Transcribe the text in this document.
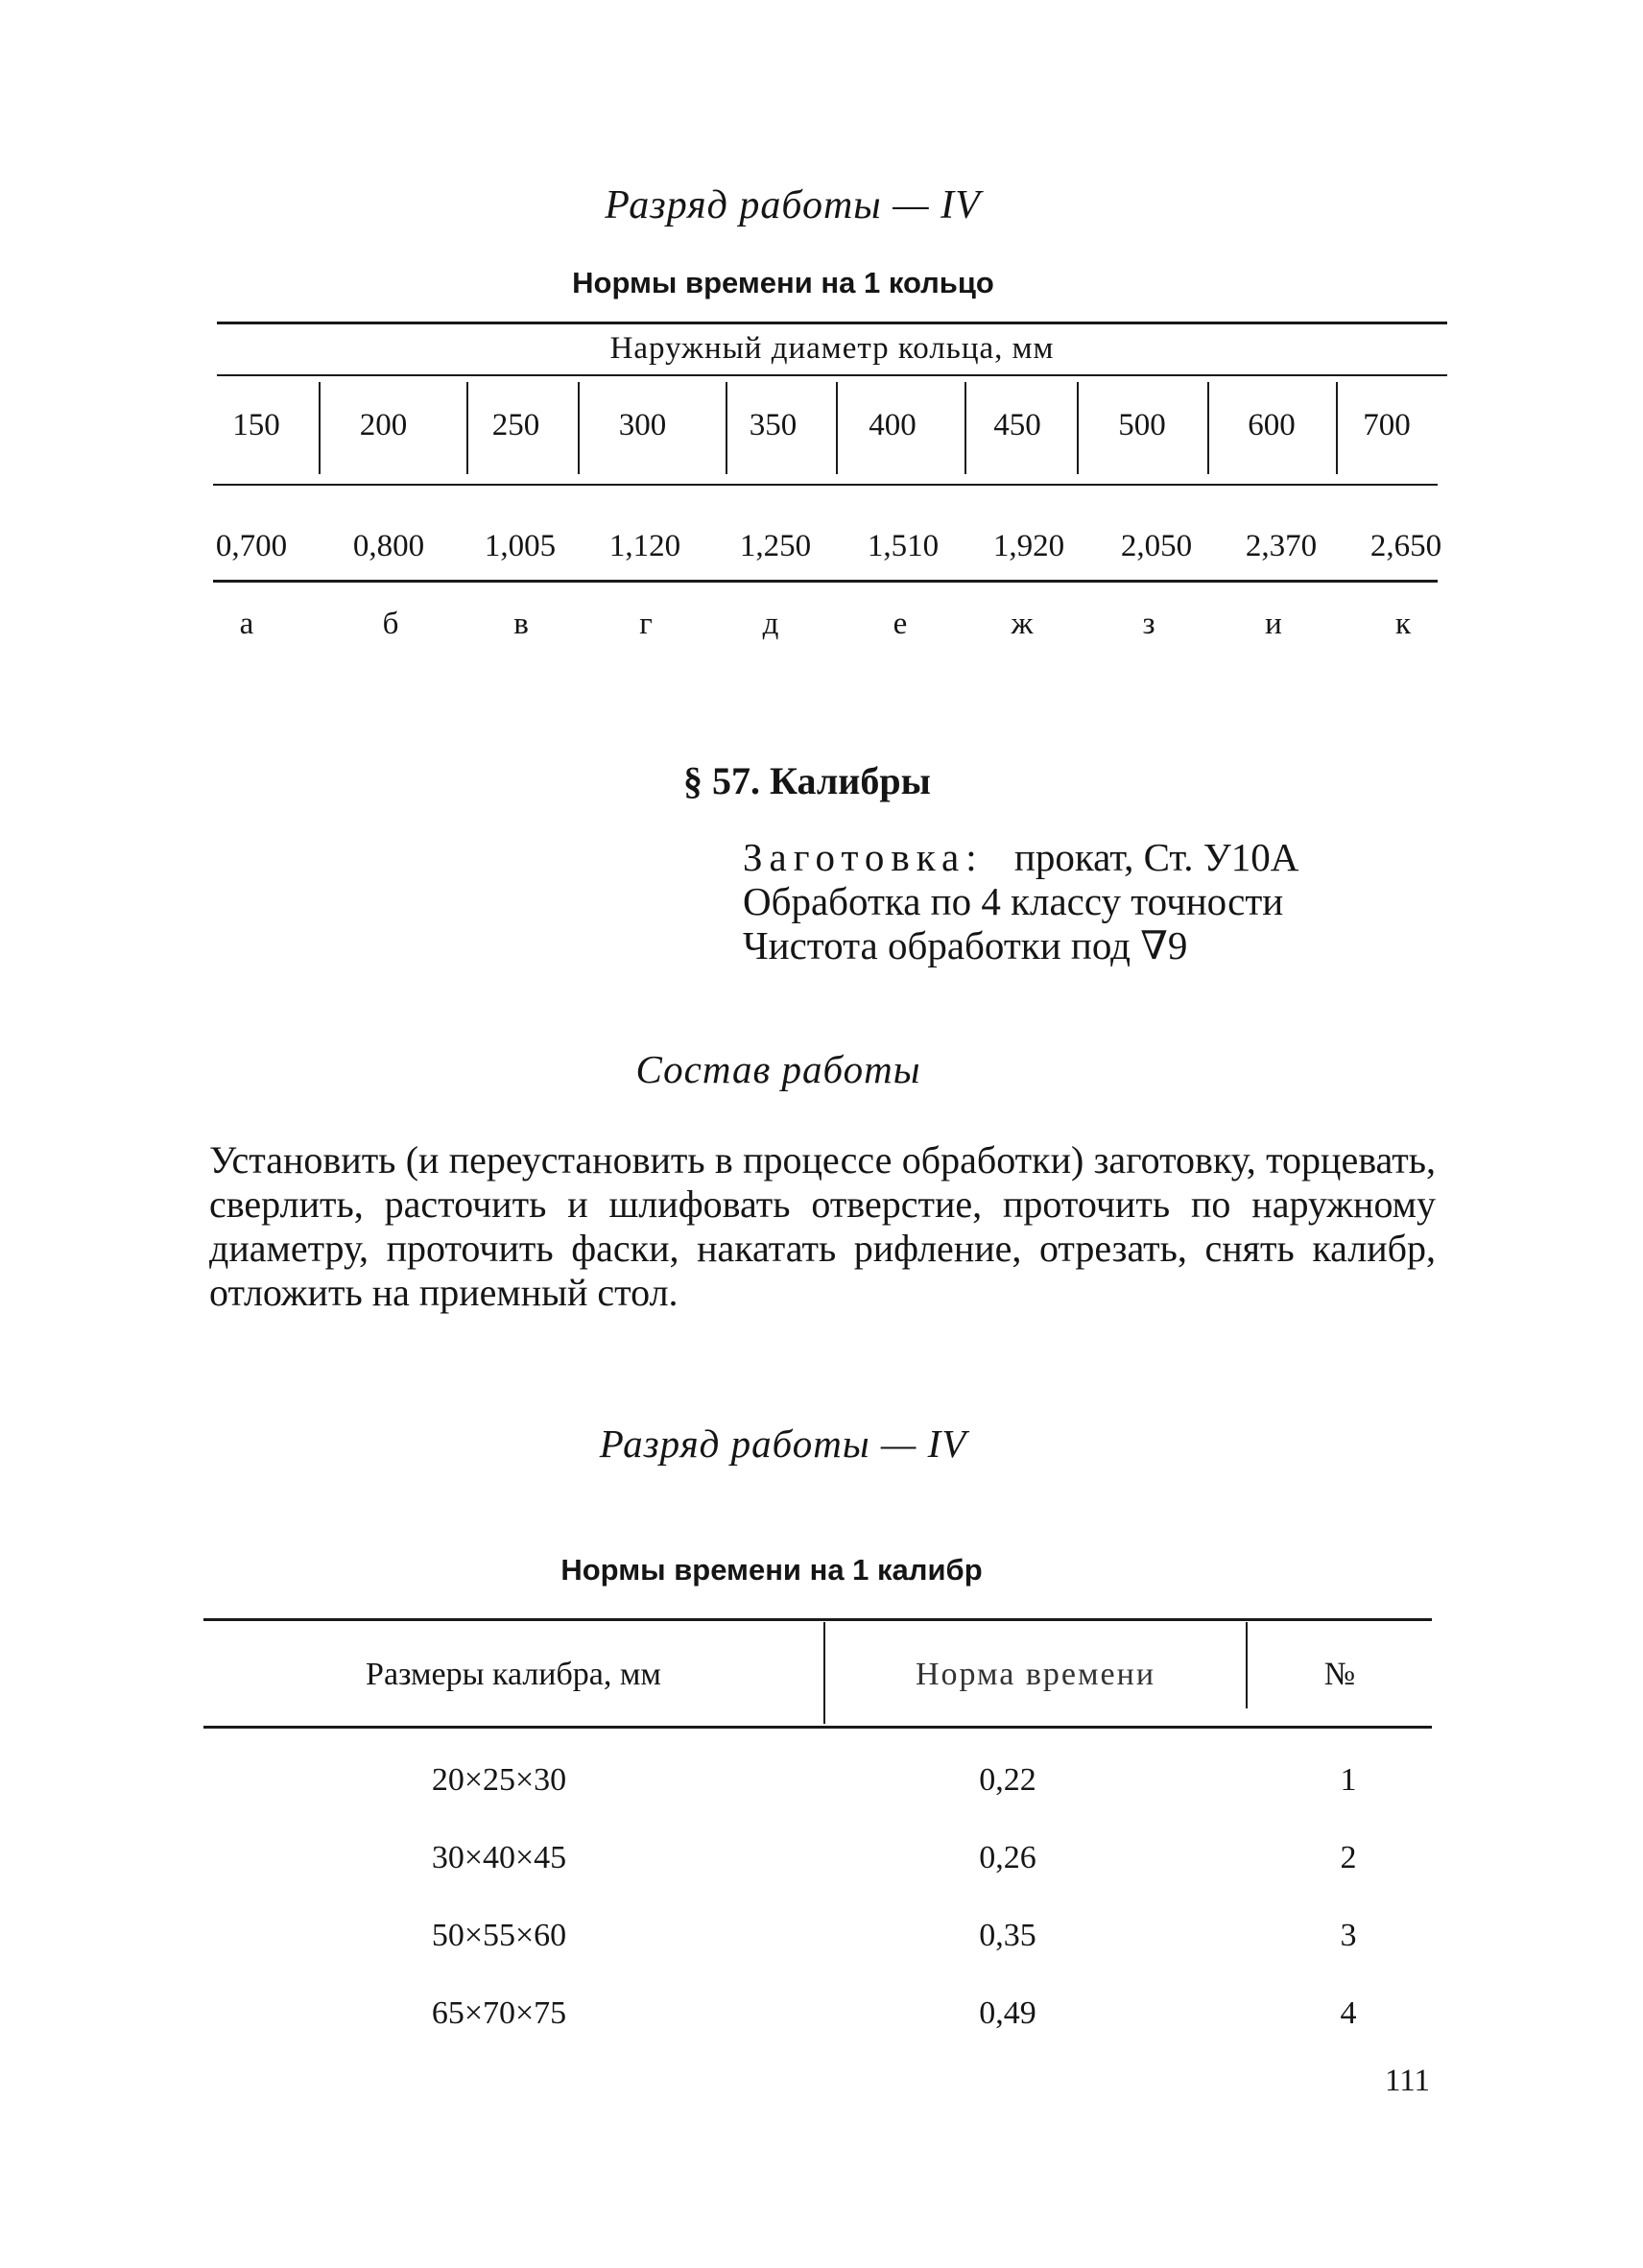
Разряд работы — IV
Нормы времени на 1 кольцо
Наружный диаметр кольца, мм
150	200	250	300	350	400	450	500	600	700
0,700	0,800	1,005	1,120	1,250	1,510	1,920	2,050	2,370	2,650
а	б	в	г	д	е	ж	з	и	к
§ 57. Калибры
Заготовка: прокат, Ст. У10А
Обработка по 4 классу точности
Чистота обработки под ∇9
Состав работы
Установить (и переустановить в процессе обработки) заготовку, торцевать, сверлить, расточить и шлифовать отверстие, проточить по наружному диаметру, проточить фаски, накатать рифление, отрезать, снять калибр, отложить на приемный стол.
Разряд работы — IV
Нормы времени на 1 калибр
Размеры калибра, мм	Норма времени	№
20×25×30	0,22	1
30×40×45	0,26	2
50×55×60	0,35	3
65×70×75	0,49	4
111
